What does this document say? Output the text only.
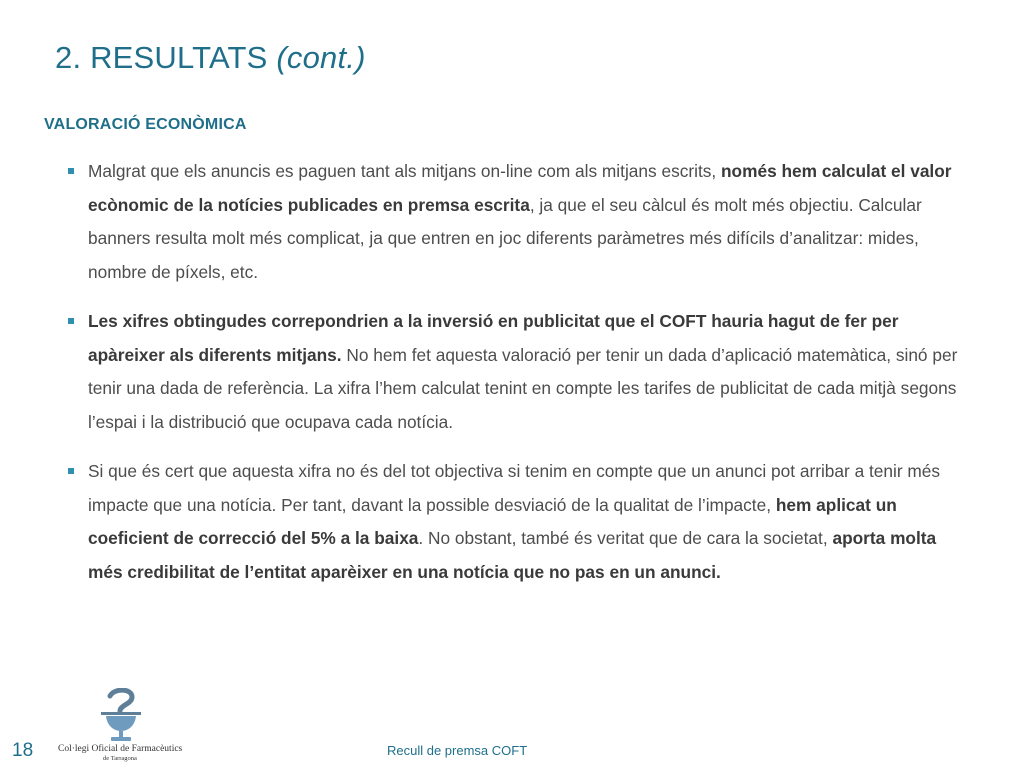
2. RESULTATS (cont.)
VALORACIÓ ECONÒMICA
Malgrat que els anuncis es paguen tant als mitjans on-line com als mitjans escrits, només hem calculat el valor ecònomic de la notícies publicades en premsa escrita, ja que el seu càlcul és molt més objectiu. Calcular banners resulta molt més complicat, ja que entren en joc diferents paràmetres més difícils d’analitzar: mides, nombre de píxels, etc.
Les xifres obtingudes correpondrien a la inversió en publicitat que el COFT hauria hagut de fer per apàreixer als diferents mitjans. No hem fet aquesta valoració per tenir un dada d’aplicació matemàtica, sinó per tenir una dada de referència. La xifra l’hem calculat tenint en compte les tarifes de publicitat de cada mitjà segons l’espai i la distribució que ocupava cada notícia.
Si que és cert que aquesta xifra no és del tot objectiva si tenim en compte que un anunci pot arribar a tenir més impacte que una notícia. Per tant, davant la possible desviació de la qualitat de l’impacte, hem aplicat un coeficient de correcció del 5% a la baixa. No obstant, també és veritat que de cara la societat, aporta molta més credibilitat de l’entitat aparèixer en una notícia que no pas en un anunci.
Col·legi Oficial de Farmacèutics
de Tarragona
18	Recull de premsa COFT
